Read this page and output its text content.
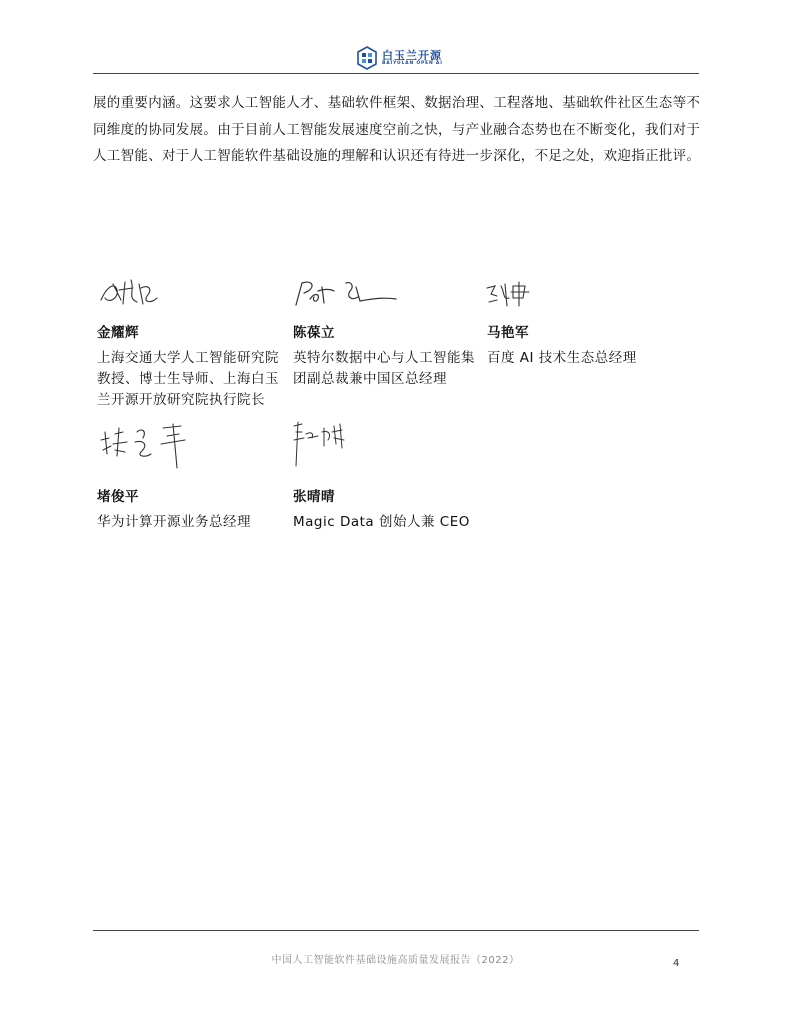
白玉兰开源
BAIYULAN OPEN AI

展的重要内涵。这要求人工智能人才、基础软件框架、数据治理、工程落地、基础软件社区生态等不

同维度的协同发展。由于目前人工智能发展速度空前之快，与产业融合态势也在不断变化，我们对于

人工智能、对于人工智能软件基础设施的理解和认识还有待进一步深化，不足之处，欢迎指正批评。

金耀辉
上海交通大学人工智能研究院教授、博士生导师、上海白玉兰开源开放研究院执行院长
陈葆立
英特尔数据中心与人工智能集团副总裁兼中国区总经理
马艳军
百度 AI 技术生态总经理
堵俊平
华为计算开源业务总经理
张晴晴
Magic Data 创始人兼 CEO
中国人工智能软件基础设施高质量发展报告（2022）	4
